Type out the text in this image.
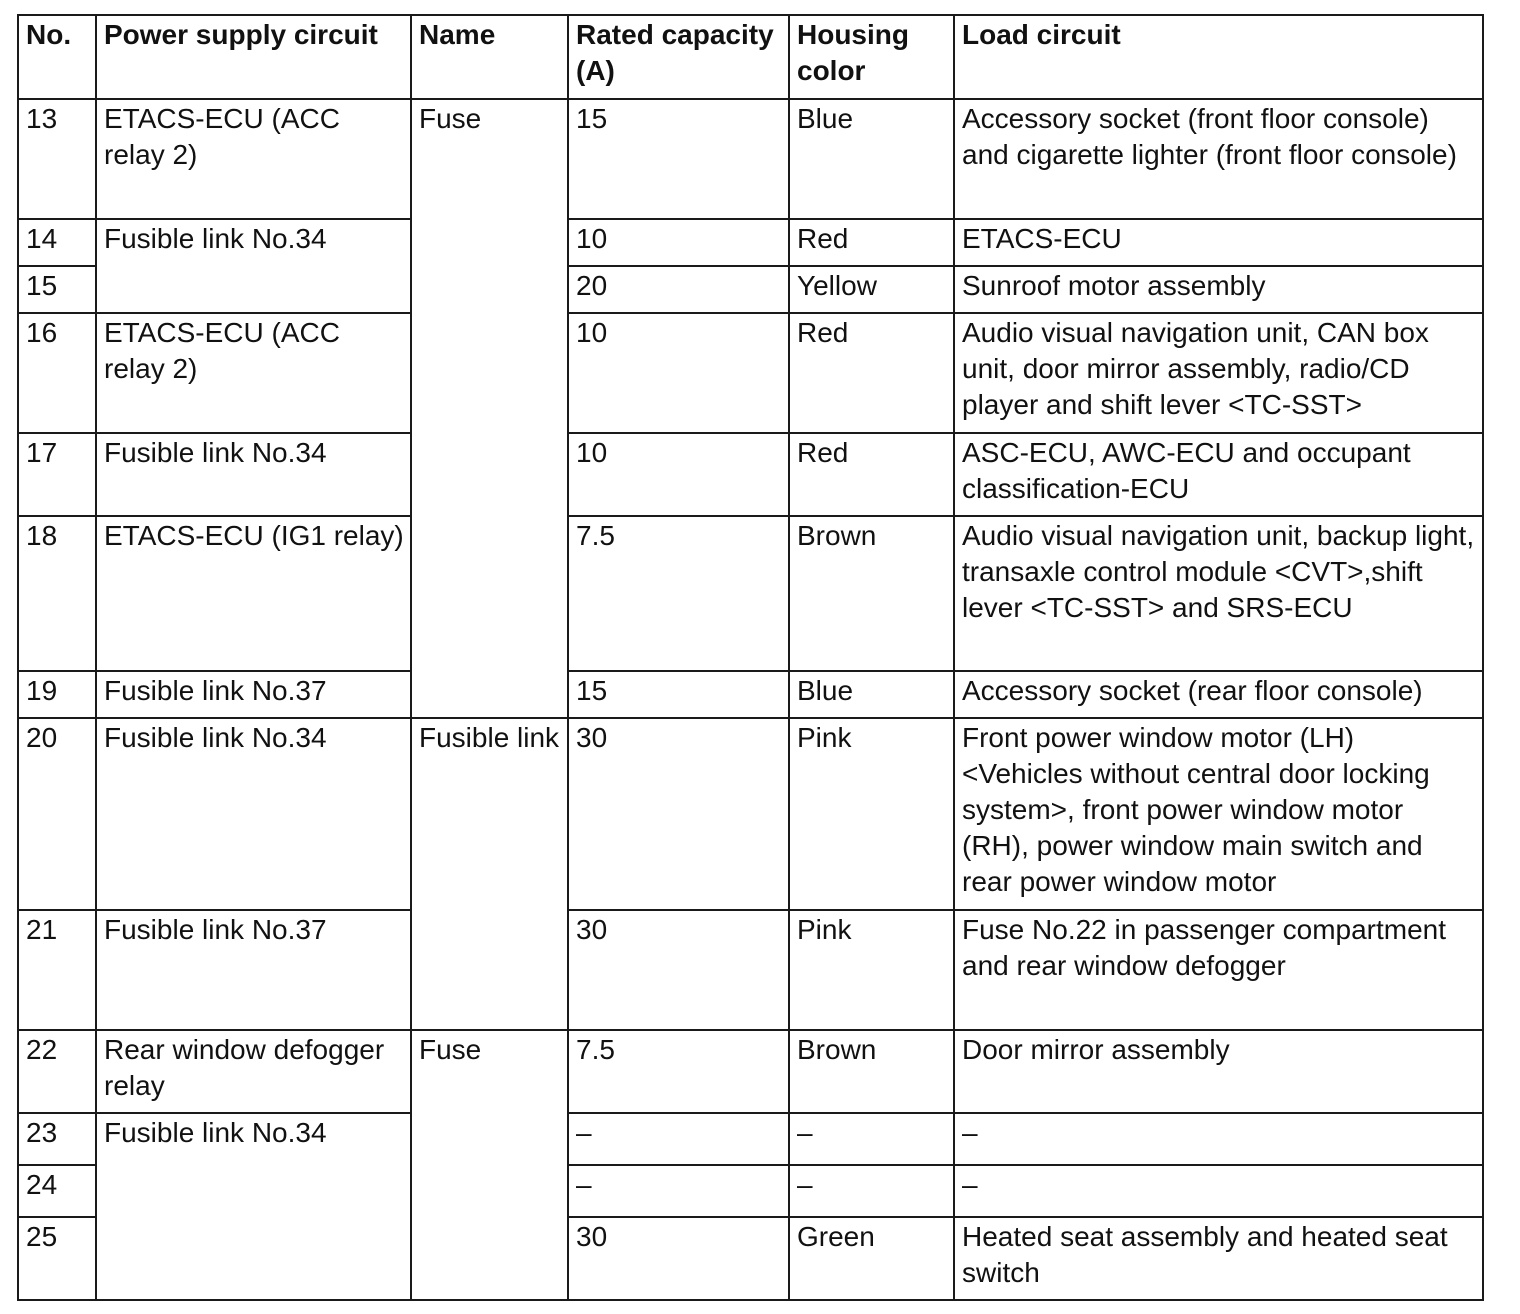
No.	Power supply circuit	Name	Rated capacity (A)	Housing color	Load circuit
13	ETACS-ECU (ACC relay 2)	Fuse	15	Blue	Accessory socket (front floor console) and cigarette lighter (front floor console)
14	Fusible link No.34		10	Red	ETACS-ECU
15			20	Yellow	Sunroof motor assembly
16	ETACS-ECU (ACC relay 2)		10	Red	Audio visual navigation unit, CAN box unit, door mirror assembly, radio/CD player and shift lever <TC-SST>
17	Fusible link No.34		10	Red	ASC-ECU, AWC-ECU and occupant classification-ECU
18	ETACS-ECU (IG1 relay)		7.5	Brown	Audio visual navigation unit, backup light, transaxle control module <CVT>,shift lever <TC-SST> and SRS-ECU
19	Fusible link No.37		15	Blue	Accessory socket (rear floor console)
20	Fusible link No.34	Fusible link	30	Pink	Front power window motor (LH) <Vehicles without central door locking system>, front power window motor (RH), power window main switch and rear power window motor
21	Fusible link No.37		30	Pink	Fuse No.22 in passenger compartment and rear window defogger
22	Rear window defogger relay	Fuse	7.5	Brown	Door mirror assembly
23	Fusible link No.34		–	–	–
24			–	–	–
25			30	Green	Heated seat assembly and heated seat switch
